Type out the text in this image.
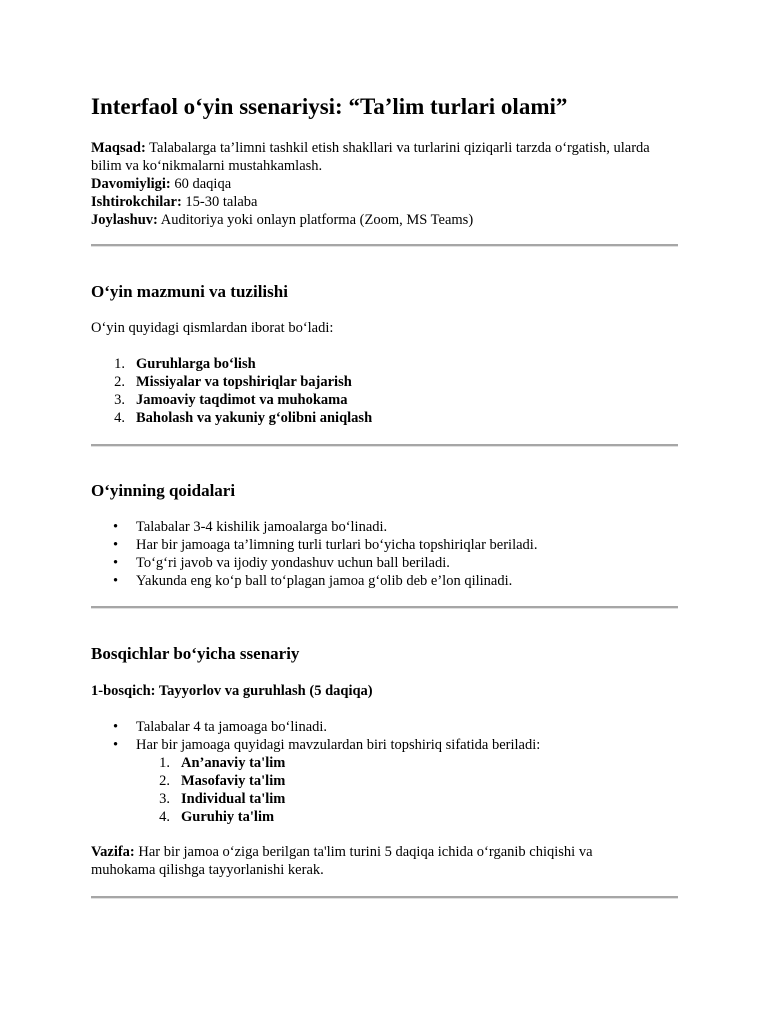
Interfaol o‘yin ssenariysi: “Ta’lim turlari olami”
Maqsad: Talabalarga ta’limni tashkil etish shakllari va turlarini qiziqarli tarzda o‘rgatish, ularda
bilim va ko‘nikmalarni mustahkamlash.
Davomiyligi: 60 daqiqa
Ishtirokchilar: 15-30 talaba
Joylashuv: Auditoriya yoki onlayn platforma (Zoom, MS Teams)
O‘yin mazmuni va tuzilishi
O‘yin quyidagi qismlardan iborat bo‘ladi:
1. Guruhlarga bo‘lish
2. Missiyalar va topshiriqlar bajarish
3. Jamoaviy taqdimot va muhokama
4. Baholash va yakuniy g‘olibni aniqlash
O‘yinning qoidalari
• Talabalar 3-4 kishilik jamoalarga bo‘linadi.
• Har bir jamoaga ta’limning turli turlari bo‘yicha topshiriqlar beriladi.
• To‘g‘ri javob va ijodiy yondashuv uchun ball beriladi.
• Yakunda eng ko‘p ball to‘plagan jamoa g‘olib deb e’lon qilinadi.
Bosqichlar bo‘yicha ssenariy
1-bosqich: Tayyorlov va guruhlash (5 daqiqa)
• Talabalar 4 ta jamoaga bo‘linadi.
• Har bir jamoaga quyidagi mavzulardan biri topshiriq sifatida beriladi:
1. An’anaviy ta'lim
2. Masofaviy ta'lim
3. Individual ta'lim
4. Guruhiy ta'lim
Vazifa: Har bir jamoa o‘ziga berilgan ta'lim turini 5 daqiqa ichida o‘rganib chiqishi va
muhokama qilishga tayyorlanishi kerak.
